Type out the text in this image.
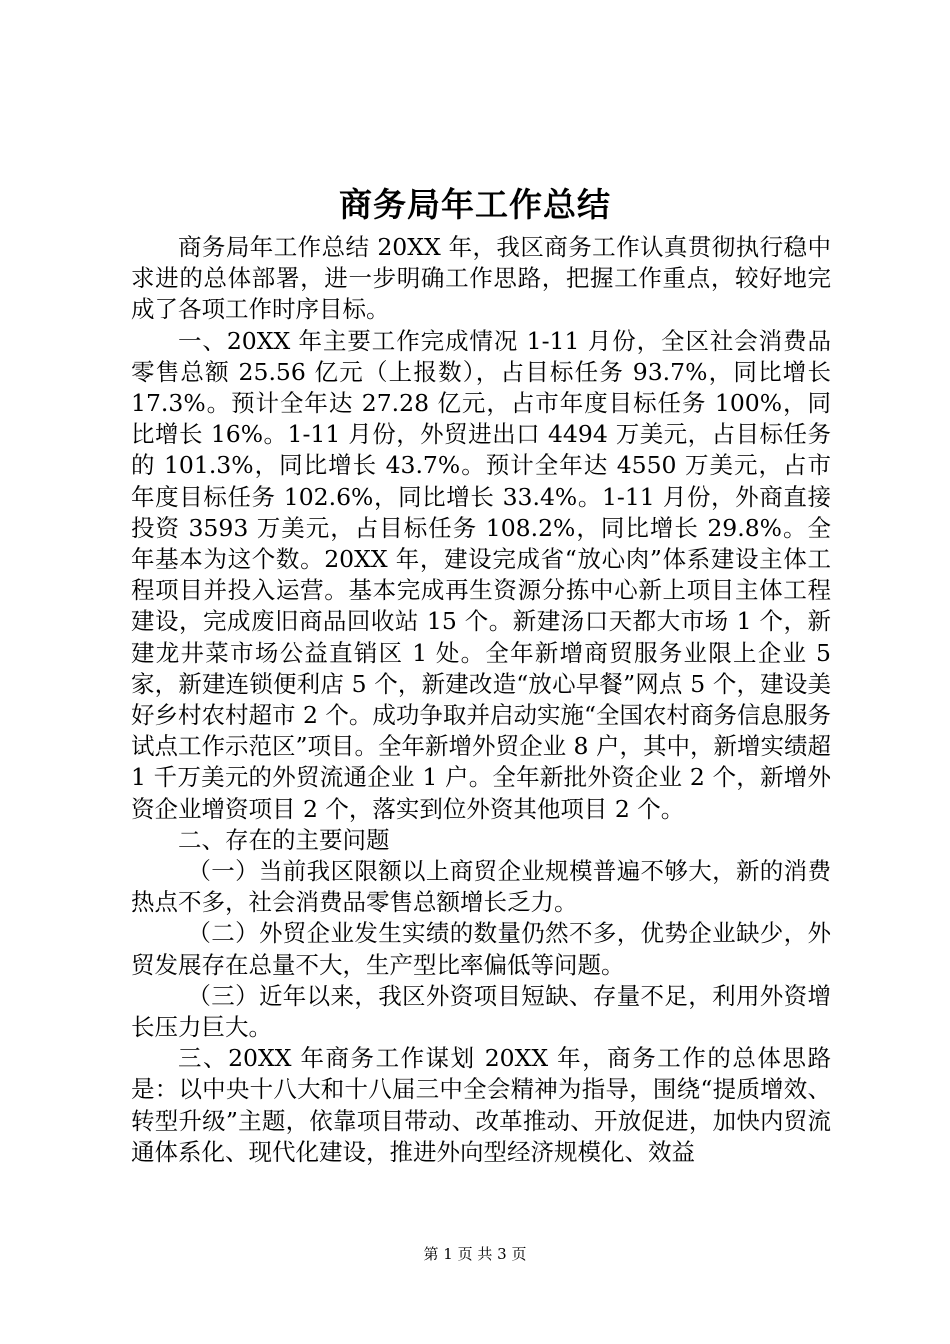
商务局年工作总结

商务局年工作总结 20XX 年，我区商务工作认真贯彻执行稳中求进的总体部署，进一步明确工作思路，把握工作重点，较好地完成了各项工作时序目标。

一、20XX 年主要工作完成情况 1-11 月份，全区社会消费品零售总额 25.56 亿元（上报数），占目标任务 93.7%，同比增长 17.3%。预计全年达 27.28 亿元，占市年度目标任务 100%，同比增长 16%。1-11 月份，外贸进出口 4494 万美元，占目标任务的 101.3%，同比增长 43.7%。预计全年达 4550 万美元，占市年度目标任务 102.6%，同比增长 33.4%。1-11 月份，外商直接投资 3593 万美元，占目标任务 108.2%，同比增长 29.8%。全年基本为这个数。20XX 年，建设完成省“放心肉”体系建设主体工程项目并投入运营。基本完成再生资源分拣中心新上项目主体工程建设，完成废旧商品回收站 15 个。新建汤口天都大市场 1 个，新建龙井菜市场公益直销区 1 处。全年新增商贸服务业限上企业 5 家，新建连锁便利店 5 个，新建改造“放心早餐”网点 5 个，建设美好乡村农村超市 2 个。成功争取并启动实施“全国农村商务信息服务试点工作示范区”项目。全年新增外贸企业 8 户，其中，新增实绩超 1 千万美元的外贸流通企业 1 户。全年新批外资企业 2 个，新增外资企业增资项目 2 个，落实到位外资其他项目 2 个。

二、存在的主要问题

（一）当前我区限额以上商贸企业规模普遍不够大，新的消费热点不多，社会消费品零售总额增长乏力。

（二）外贸企业发生实绩的数量仍然不多，优势企业缺少，外贸发展存在总量不大，生产型比率偏低等问题。

（三）近年以来，我区外资项目短缺、存量不足，利用外资增长压力巨大。

三、20XX 年商务工作谋划 20XX 年，商务工作的总体思路是：以中央十八大和十八届三中全会精神为指导，围绕“提质增效、转型升级”主题，依靠项目带动、改革推动、开放促进，加快内贸流通体系化、现代化建设，推进外向型经济规模化、效益

第 1 页 共 3 页
